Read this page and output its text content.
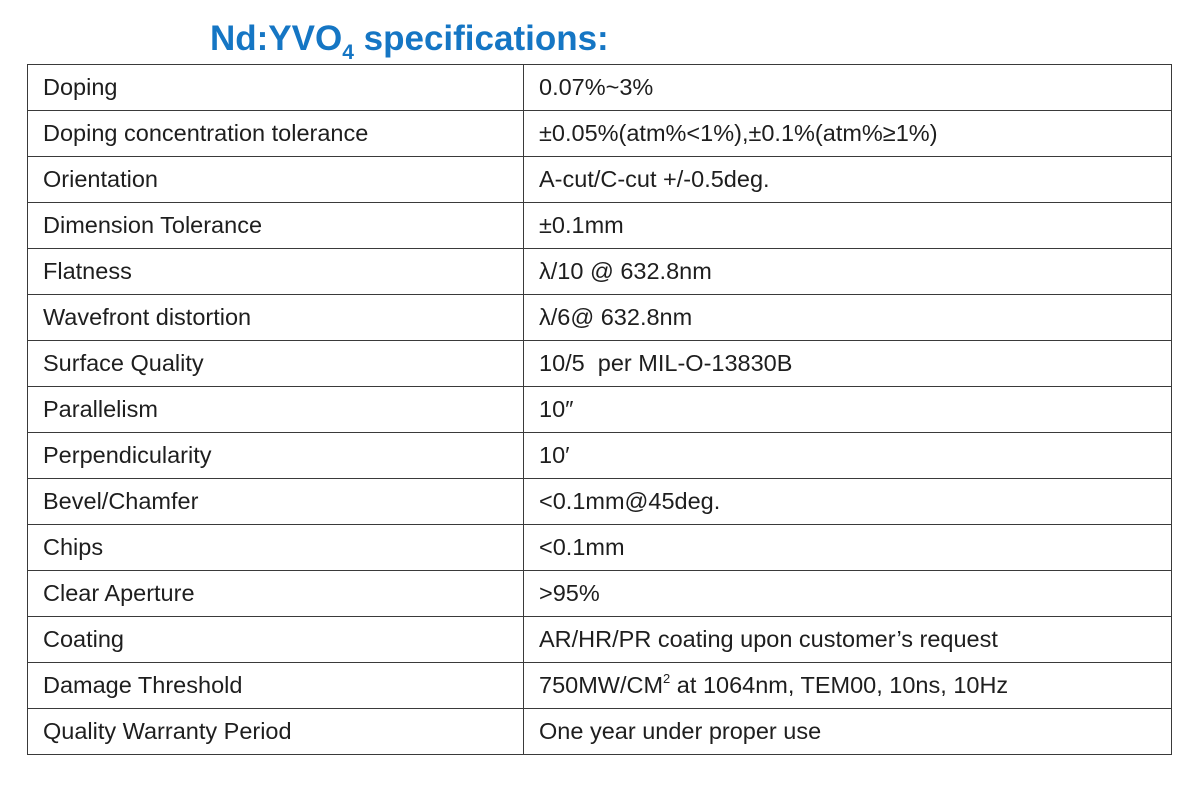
$Nd:YVO_4$ specifications:
Doping	0.07%~3%
Doping concentration tolerance	±0.05%(atm%<1%),±0.1%(atm%≥1%)
Orientation	A-cut/C-cut +/-0.5deg.
Dimension Tolerance	±0.1mm
Flatness	λ/10 @ 632.8nm
Wavefront distortion	λ/6@ 632.8nm
Surface Quality	10/5  per MIL-O-13830B
Parallelism	10″
Perpendicularity	10′
Bevel/Chamfer	<0.1mm@45deg.
Chips	<0.1mm
Clear Aperture	>95%
Coating	AR/HR/PR coating upon customer’s request
Damage Threshold	$750MW/CM^2$ at 1064nm, TEM00, 10ns, 10Hz
Quality Warranty Period	One year under proper use
